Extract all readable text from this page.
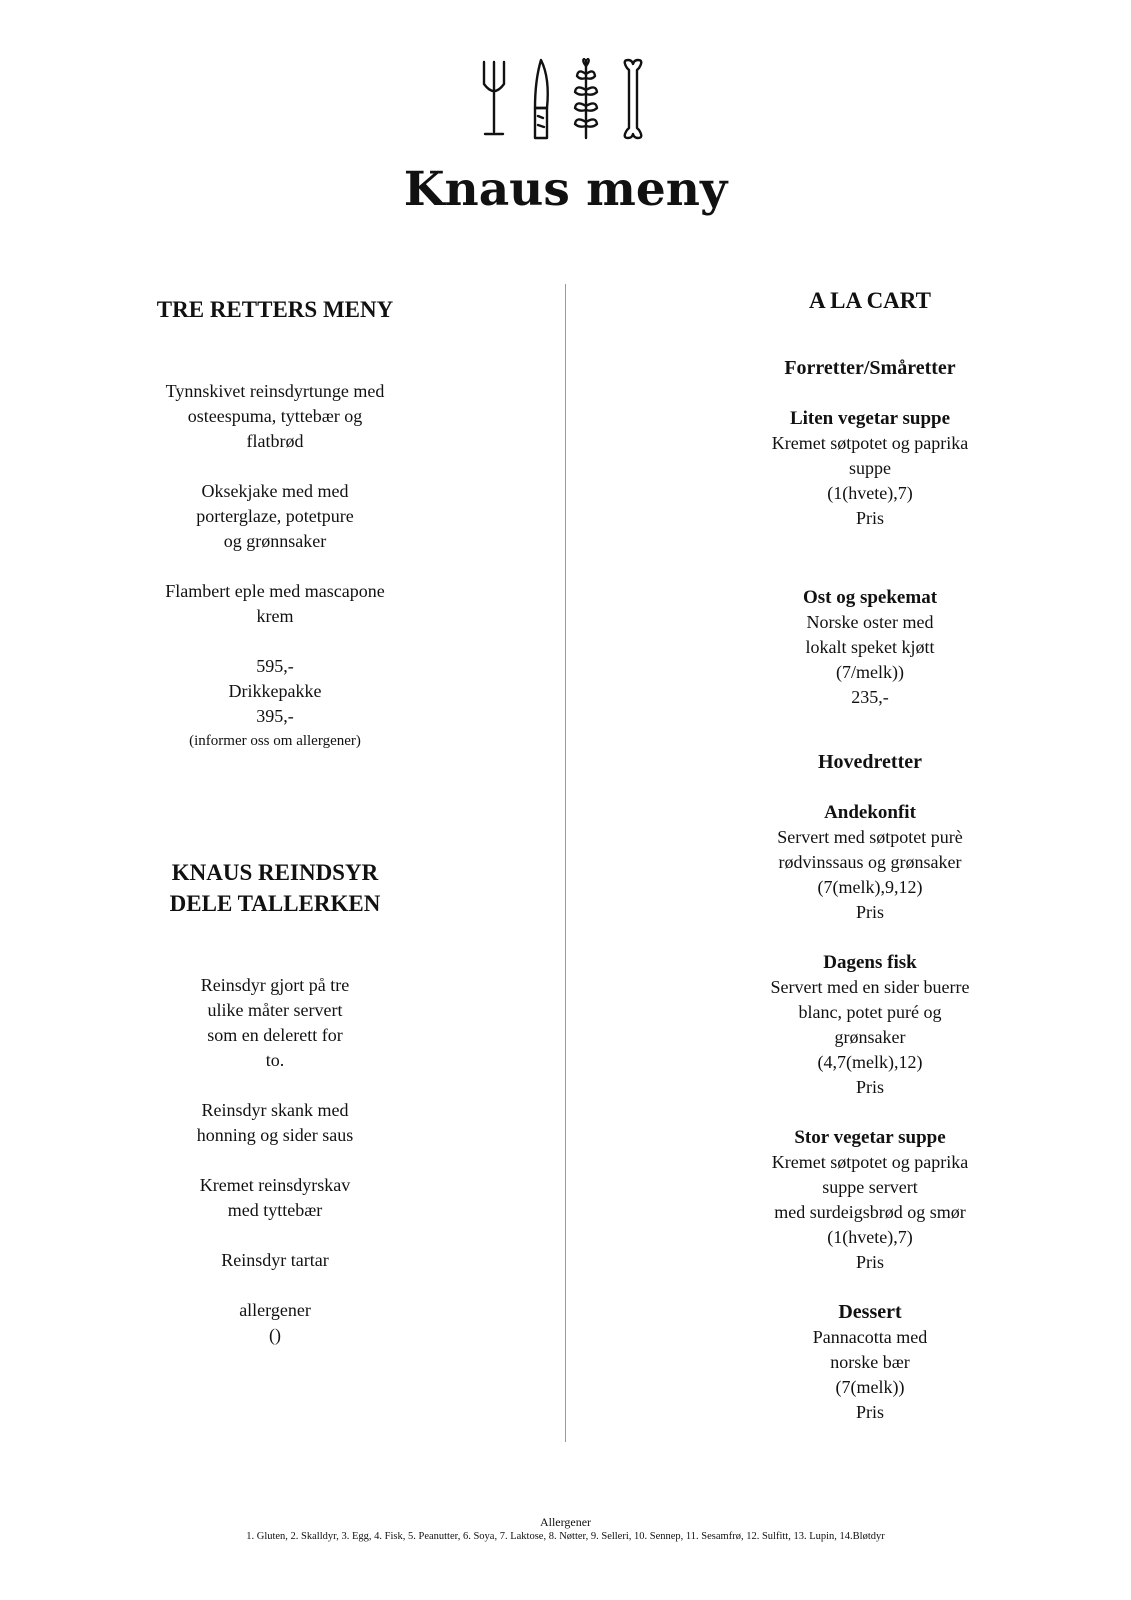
Knaus meny

TRE RETTERS MENY

Tynnskivet reinsdyrtunge med

osteespuma, tyttebær og

flatbrød

Oksekjake med med

porterglaze, potetpure

og grønnsaker

Flambert eple med mascapone

krem

595,-

Drikkepakke

395,-

(informer oss om allergener)

KNAUS REINDSYR

DELE TALLERKEN

Reinsdyr gjort på tre

ulike måter servert

som en delerett for

to.

Reinsdyr skank med

honning og sider saus

Kremet reinsdyrskav

med tyttebær

Reinsdyr tartar

allergener

()

A LA CART

Forretter/Småretter

Liten vegetar suppe

Kremet søtpotet og paprika

suppe

(1(hvete),7)

Pris

Ost og spekemat

Norske oster med

lokalt speket kjøtt

(7/melk))

235,-

Hovedretter

Andekonfit

Servert med søtpotet purè

rødvinssaus og grønsaker

(7(melk),9,12)

Pris

Dagens fisk

Servert med en sider buerre

blanc, potet puré og

grønsaker

(4,7(melk),12)

Pris

Stor vegetar suppe

Kremet søtpotet og paprika

suppe servert

med surdeigsbrød og smør

(1(hvete),7)

Pris

Dessert

Pannacotta med

norske bær

(7(melk))

Pris

Allergener
1. Gluten, 2. Skalldyr, 3. Egg, 4. Fisk, 5. Peanutter, 6. Soya, 7. Laktose, 8. Nøtter, 9. Selleri, 10. Sennep, 11. Sesamfrø, 12. Sulfitt, 13. Lupin, 14.Bløtdyr
